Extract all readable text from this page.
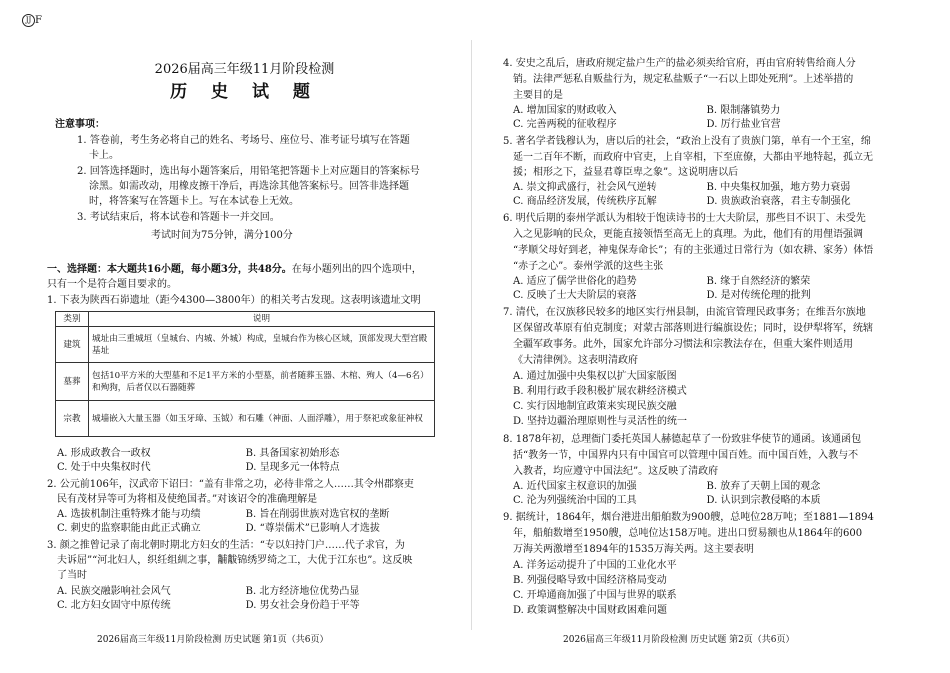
JJ F
2026届高三年级11月阶段检测
历 史 试 题
注意事项：
1. 答卷前，考生务必将自己的姓名、考场号、座位号、准考证号填写在答题
卡上。
2. 回答选择题时，选出每小题答案后，用铅笔把答题卡上对应题目的答案标号
涂黑。如需改动，用橡皮擦干净后，再选涂其他答案标号。回答非选择题
时，将答案写在答题卡上。写在本试卷上无效。
3. 考试结束后，将本试卷和答题卡一并交回。
考试时间为75分钟，满分100分
一、选择题：本大题共16小题，每小题3分，共48分。在每小题列出的四个选项中，
只有一个是符合题目要求的。
1. 下表为陕西石峁遗址（距今4300—3800年）的相关考古发现。这表明该遗址文明
类别	说明
建筑	城址由三重城垣（皇城台、内城、外城）构成，皇城台作为核心区域，顶部发现大型宫殿基址
墓葬	包括10平方米的大型墓和不足1平方米的小型墓，前者随葬玉器、木棺、殉人（4—6名）和殉狗，后者仅以石器随葬
宗教	城墙嵌入大量玉器（如玉牙璋、玉钺）和石雕（神面、人面浮雕），用于祭祀或象征神权
A. 形成政教合一政权	B. 具备国家初始形态 C. 处于中央集权时代	D. 呈现多元一体特点
2. 公元前106年，汉武帝下诏曰：“盖有非常之功，必待非常之人……其令州郡察吏
民有茂材异等可为将相及使绝国者。”对该诏令的准确理解是
A. 选拔机制注重特殊才能与功绩	B. 旨在削弱世族对选官权的垄断 C. 刺史的监察职能由此正式确立	D. “尊崇儒术”已影响人才选拔
3. 颜之推曾记录了南北朝时期北方妇女的生活：“专以妇持门户……代子求官，为
夫诉屈”“河北妇人，织纴组紃之事，黼黻锦绣罗绮之工，大优于江东也”。这反映
了当时
A. 民族交融影响社会风气	B. 北方经济地位优势凸显 C. 北方妇女固守中原传统	D. 男女社会身份趋于平等
2026届高三年级11月阶段检测 历史试题 第1页（共6页）
4. 安史之乱后，唐政府规定盐户生产的盐必须卖给官府，再由官府转售给商人分
销。法律严惩私自贩盐行为，规定私盐贩子“一石以上即处死刑”。上述举措的
主要目的是
A. 增加国家的财政收入	B. 限制藩镇势力 C. 完善两税的征收程序	D. 厉行盐业官营
5. 著名学者钱穆认为，唐以后的社会，“政治上没有了贵族门第，单有一个王室，绵
延一二百年不断，而政府中官吏，上自宰相，下至庶僚，大都由平地特起，孤立无
援；相形之下，益显君尊臣卑之象”。这说明唐以后
A. 崇文抑武盛行，社会风气逆转	B. 中央集权加强，地方势力衰弱 C. 商品经济发展，传统秩序瓦解	D. 贵族政治衰落，君主专制强化
6. 明代后期的泰州学派认为相较于饱读诗书的士大夫阶层，那些目不识丁、未受先
入之见影响的民众，更能直接领悟至高无上的真理。为此，他们有的用俚语强调
“孝顺父母好到老，神鬼保寿命长”；有的主张通过日常行为（如农耕、家务）体悟
“赤子之心”。泰州学派的这些主张
A. 适应了儒学世俗化的趋势	B. 缘于自然经济的繁荣 C. 反映了士大夫阶层的衰落	D. 是对传统伦理的批判
7. 清代，在汉族移民较多的地区实行州县制，由流官管理民政事务；在维吾尔族地
区保留改革原有伯克制度；对蒙古部落则进行编旗设佐；同时，设伊犁将军，统辖
全疆军政事务。此外，国家允许部分习惯法和宗教法存在，但重大案件则适用
《大清律例》。这表明清政府
A. 通过加强中央集权以扩大国家版图
B. 利用行政手段积极扩展农耕经济模式
C. 实行因地制宜政策来实现民族交融
D. 坚持边疆治理原则性与灵活性的统一
8. 1878年初，总理衙门委托英国人赫德起草了一份致驻华使节的通函。该通函包
括“教务一节，中国界内只有中国官可以管理中国百姓。而中国百姓，入教与不
入教者，均应遵守中国法纪”。这反映了清政府
A. 近代国家主权意识的加强	B. 放弃了天朝上国的观念 C. 沦为列强统治中国的工具	D. 认识到宗教侵略的本质
9. 据统计，1864年，烟台港进出船舶数为900艘，总吨位28万吨；至1881—1894
年，船舶数增至1950艘，总吨位达158万吨。进出口贸易额也从1864年的600
万海关两激增至1894年的1535万海关两。这主要表明
A. 洋务运动提升了中国的工业化水平
B. 列强侵略导致中国经济格局变动
C. 开埠通商加强了中国与世界的联系
D. 政策调整解决中国财政困难问题
2026届高三年级11月阶段检测 历史试题 第2页（共6页）
